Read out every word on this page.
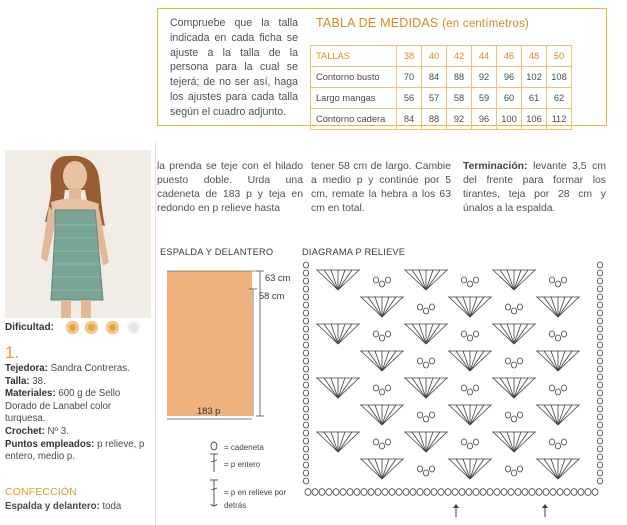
Compruebe que la talla indicada en cada ficha se ajuste a la talla de la persona para la cual se tejerá; de no ser así, haga los ajustes para cada talla según el cuadro adjunto.
TABLA DE MEDIDAS (en centímetros)
TALLAS	38	40	42	44	46	48	50
Contorno busto	70	84	88	92	96	102	108
Largo mangas	56	57	58	59	60	61	62
Contorno cadera	84	88	92	96	100	106	112
Dificultad:
1.
Tejedora: Sandra Contreras.
Talla: 38.
Materiales: 600 g de Sello Dorado de Lanabel color turquesa.
Crochet: Nº 3.
Puntos empleados: p relieve, p entero, medio p.
CONFECCIÓN
Espalda y delantero: toda
la prenda se teje con el hilado puesto doble. Urda una cadeneta de 183 p y teja en redondo en p relieve hasta
tener 58 cm de largo. Cambie a medio p y continúe por 5 cm, remate la hebra a los 63 cm en total.
Terminación: levante 3,5 cm del frente para formar los tirantes, teja por 28 cm y únalos a la espalda.
ESPALDA Y DELANTERO
63 cm
58 cm
183 p
= cadeneta
= p entero
= p en relieve por detrás
DIAGRAMA P RELIEVE
